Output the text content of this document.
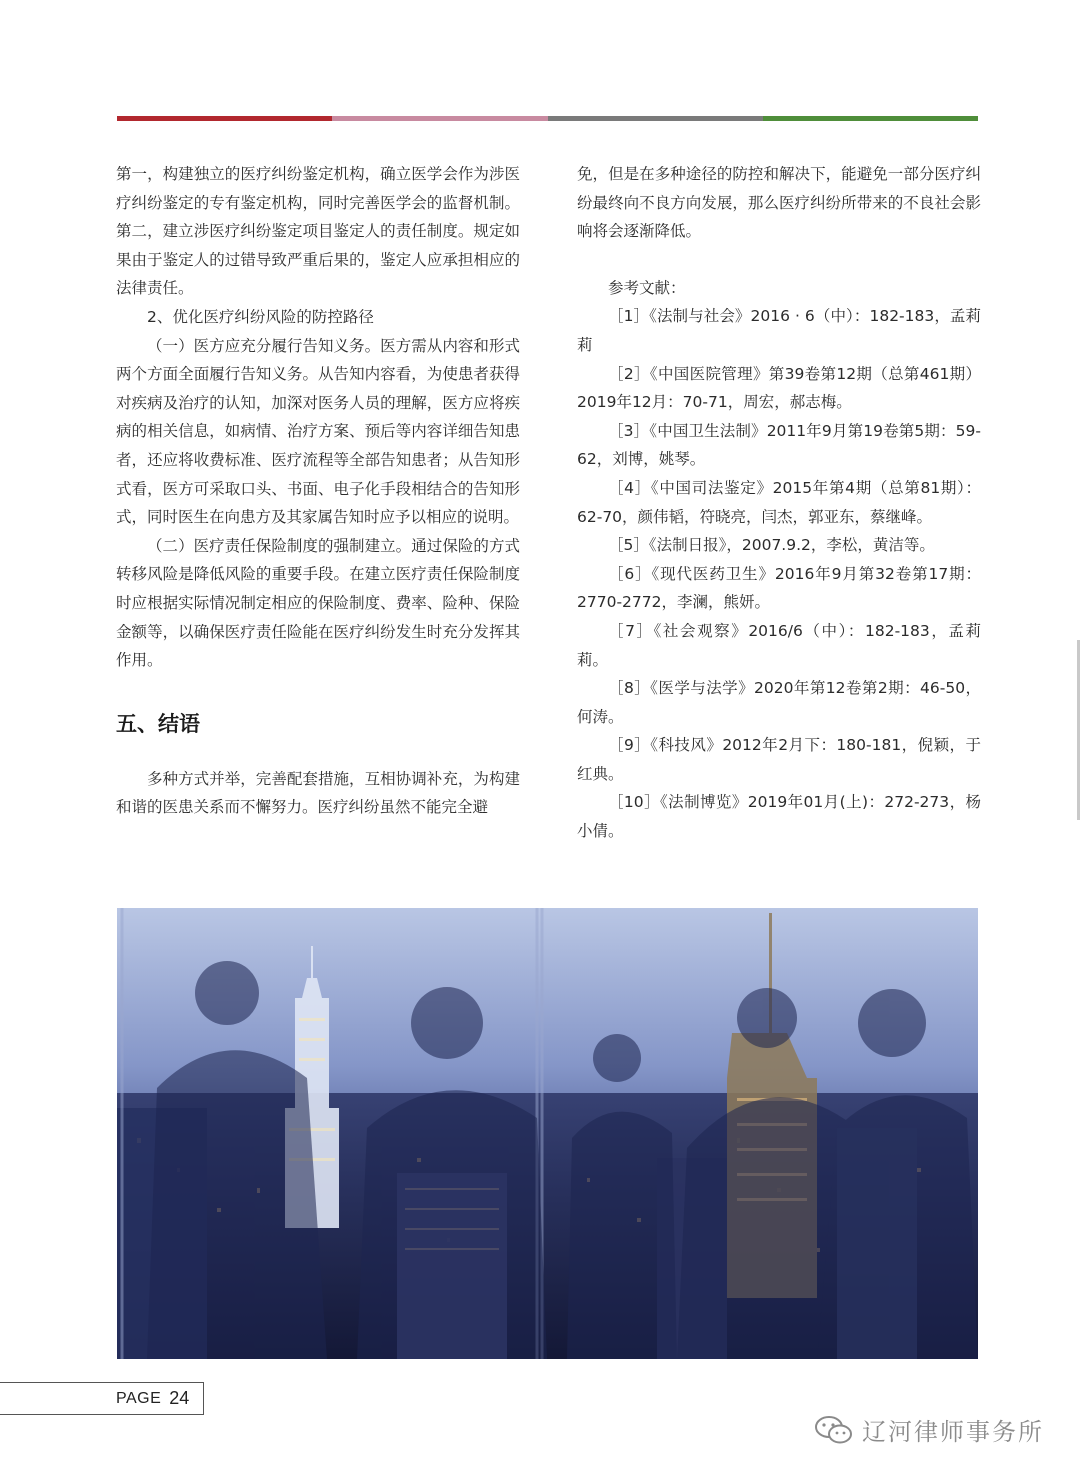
第一，构建独立的医疗纠纷鉴定机构，确立医学会作为涉医疗纠纷鉴定的专有鉴定机构，同时完善医学会的监督机制。第二，建立涉医疗纠纷鉴定项目鉴定人的责任制度。规定如果由于鉴定人的过错导致严重后果的，鉴定人应承担相应的法律责任。

2、优化医疗纠纷风险的防控路径

（一）医方应充分履行告知义务。医方需从内容和形式两个方面全面履行告知义务。从告知内容看，为使患者获得对疾病及治疗的认知，加深对医务人员的理解，医方应将疾病的相关信息，如病情、治疗方案、预后等内容详细告知患者，还应将收费标准、医疗流程等全部告知患者；从告知形式看，医方可采取口头、书面、电子化手段相结合的告知形式，同时医生在向患方及其家属告知时应予以相应的说明。

（二）医疗责任保险制度的强制建立。通过保险的方式转移风险是降低风险的重要手段。在建立医疗责任保险制度时应根据实际情况制定相应的保险制度、费率、险种、保险金额等，以确保医疗责任险能在医疗纠纷发生时充分发挥其作用。

五、结语

多种方式并举，完善配套措施，互相协调补充，为构建和谐的医患关系而不懈努力。医疗纠纷虽然不能完全避

免，但是在多种途径的防控和解决下，能避免一部分医疗纠纷最终向不良方向发展，那么医疗纠纷所带来的不良社会影响将会逐渐降低。

参考文献：

［1］《法制与社会》2016 · 6（中）：182-183，孟莉莉

［2］《中国医院管理》第39卷第12期（总第461期）2019年12月：70-71，周宏，郝志梅。

［3］《中国卫生法制》2011年9月第19卷第5期：59-62，刘博，姚琴。

［4］《中国司法鉴定》2015年第4期（总第81期）：62-70，颜伟韬，符晓亮，闫杰，郭亚东，蔡继峰。

［5］《法制日报》，2007.9.2，李松，黄洁等。

［6］《现代医药卫生》2016年9月第32卷第17期：2770-2772，李澜，熊妍。

［7］《社会观察》2016/6（中）：182-183，孟莉莉。

［8］《医学与法学》2020年第12卷第2期：46-50，何涛。

［9］《科技风》2012年2月下：180-181，倪颖，于红典。

［10］《法制博览》2019年01月(上)：272-273，杨小倩。

PAGE 24
辽河律师事务所
